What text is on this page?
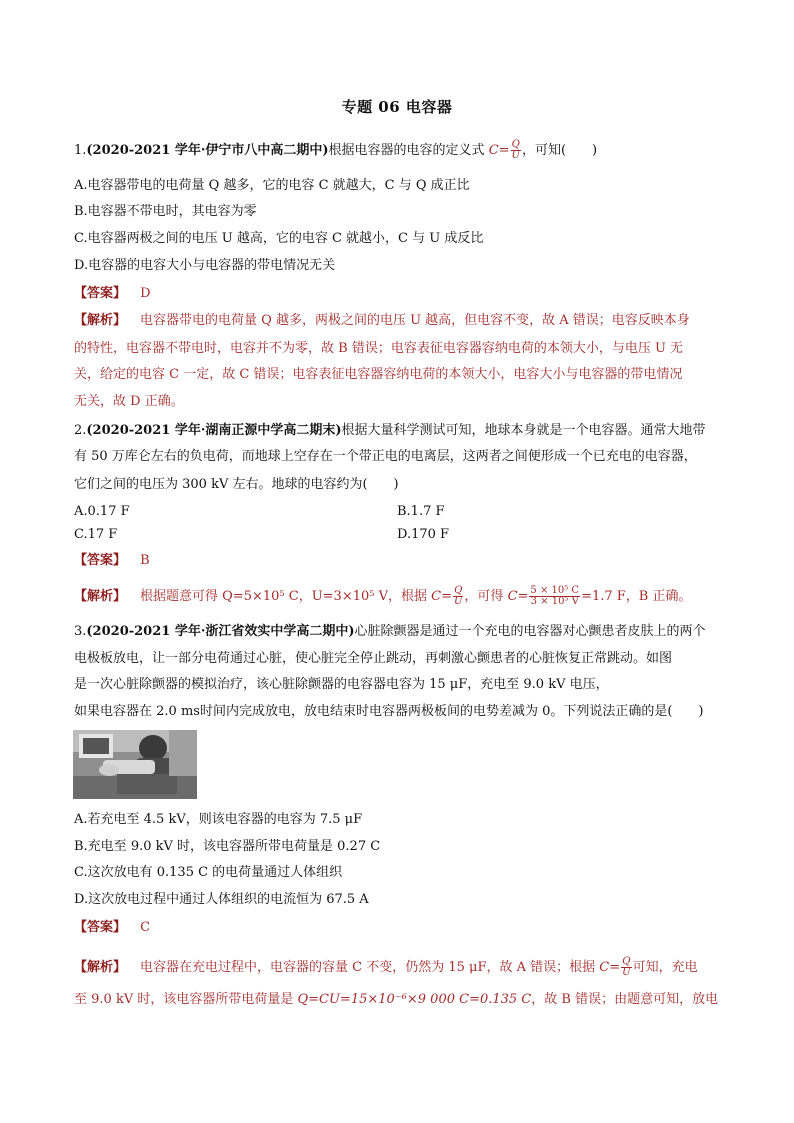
专题 06 电容器
1.(2020-2021 学年·伊宁市八中高二期中)根据电容器的电容的定义式 $C= \frac{Q}{U}$ ，可知(　　)
A.电容器带电的电荷量 Q 越多，它的电容 C 就越大，C 与 Q 成正比
B.电容器不带电时，其电容为零
C.电容器两极之间的电压 U 越高，它的电容 C 就越小，C 与 U 成反比
D.电容器的电容大小与电容器的带电情况无关
【答案】 D
【解析】 电容器带电的电荷量 Q 越多，两极之间的电压 U 越高，但电容不变，故 A 错误；电容反映本身
的特性，电容器不带电时，电容并不为零，故 B 错误；电容表征电容器容纳电荷的本领大小，与电压 U 无
关，给定的电容 C 一定，故 C 错误；电容表征电容器容纳电荷的本领大小，电容大小与电容器的带电情况
无关，故 D 正确。
2.(2020-2021 学年·湖南正源中学高二期末)根据大量科学测试可知，地球本身就是一个电容器。通常大地带
有 50 万库仑左右的负电荷，而地球上空存在一个带正电的电离层，这两者之间便形成一个已充电的电容器，
它们之间的电压为 300 kV 左右。地球的电容约为(　　)
A.0.17 F	B.1.7 F
C.17 F	D.170 F
【答案】 B
【解析】 根据题意可得 Q=5×10⁵ C，U=3×10⁵ V，根据 $C= \frac{Q}{U}$ ，可得 $C= \frac{\text{5 × 10⁵ C}}{\text{3 × 10⁵ V}} =1.7$ F，B 正确。
3.(2020-2021 学年·浙江省效实中学高二期中)心脏除颤器是通过一个充电的电容器对心颤患者皮肤上的两个
电极板放电，让一部分电荷通过心脏，使心脏完全停止跳动，再刺激心颤患者的心脏恢复正常跳动。如图
是一次心脏除颤器的模拟治疗，该心脏除颤器的电容器电容为 15 μF，充电至 9.0 kV 电压，
如果电容器在 2.0 ms时间内完成放电，放电结束时电容器两极板间的电势差减为 0。下列说法正确的是(　　)
A.若充电至 4.5 kV，则该电容器的电容为 7.5 μF
B.充电至 9.0 kV 时，该电容器所带电荷量是 0.27 C
C.这次放电有 0.135 C 的电荷量通过人体组织
D.这次放电过程中通过人体组织的电流恒为 67.5 A
【答案】 C
【解析】 电容器在充电过程中，电容器的容量 C 不变，仍然为 15 μF，故 A 错误；根据 $C= \frac{Q}{U}$ 可知，充电
至 9.0 kV 时，该电容器所带电荷量是 Q=CU=15×10⁻⁶×9 000 C=0.135 C，故 B 错误；由题意可知，放电
